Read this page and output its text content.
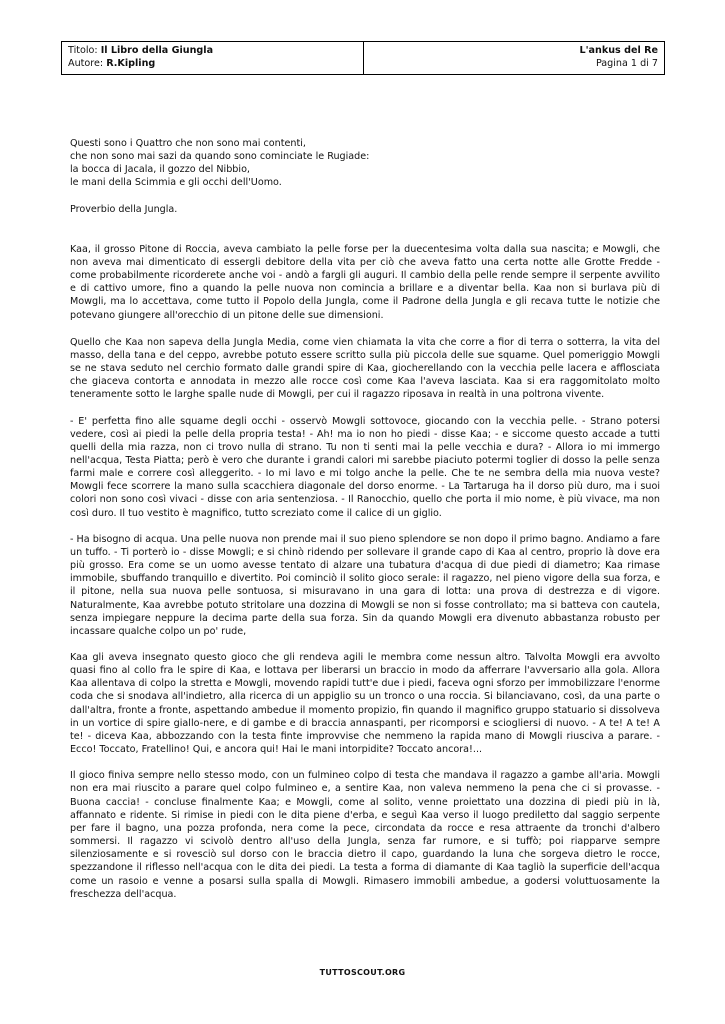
Titolo: Il Libro della Giungla
Autore: R.Kipling
L'ankus del Re
Pagina 1 di 7
Questi sono i Quattro che non sono mai contenti,
che non sono mai sazi da quando sono cominciate le Rugiade:
la bocca di Jacala, il gozzo del Nibbio,
le mani della Scimmia e gli occhi dell'Uomo.
Proverbio della Jungla.

Kaa, il grosso Pitone di Roccia, aveva cambiato la pelle forse per la duecentesima volta dalla sua nascita; e Mowgli, che non aveva mai dimenticato di essergli debitore della vita per ciò che aveva fatto una certa notte alle Grotte Fredde - come probabilmente ricorderete anche voi - andò a fargli gli auguri. Il cambio della pelle rende sempre il serpente avvilito e di cattivo umore, fino a quando la pelle nuova non comincia a brillare e a diventar bella. Kaa non si burlava più di Mowgli, ma lo accettava, come tutto il Popolo della Jungla, come il Padrone della Jungla e gli recava tutte le notizie che potevano giungere all'orecchio di un pitone delle sue dimensioni.

Quello che Kaa non sapeva della Jungla Media, come vien chiamata la vita che corre a fior di terra o sotterra, la vita del masso, della tana e del ceppo, avrebbe potuto essere scritto sulla più piccola delle sue squame. Quel pomeriggio Mowgli se ne stava seduto nel cerchio formato dalle grandi spire di Kaa, giocherellando con la vecchia pelle lacera e afflosciata che giaceva contorta e annodata in mezzo alle rocce così come Kaa l'aveva lasciata. Kaa si era raggomitolato molto teneramente sotto le larghe spalle nude di Mowgli, per cui il ragazzo riposava in realtà in una poltrona vivente.

- E' perfetta fino alle squame degli occhi - osservò Mowgli sottovoce, giocando con la vecchia pelle. - Strano potersi vedere, così ai piedi la pelle della propria testa! - Ah! ma io non ho piedi - disse Kaa; - e siccome questo accade a tutti quelli della mia razza, non ci trovo nulla di strano. Tu non ti senti mai la pelle vecchia e dura? - Allora io mi immergo nell'acqua, Testa Piatta; però è vero che durante i grandi calori mi sarebbe piaciuto potermi toglier di dosso la pelle senza farmi male e correre così alleggerito. - Io mi lavo e mi tolgo anche la pelle. Che te ne sembra della mia nuova veste? Mowgli fece scorrere la mano sulla scacchiera diagonale del dorso enorme. - La Tartaruga ha il dorso più duro, ma i suoi colori non sono così vivaci - disse con aria sentenziosa. - Il Ranocchio, quello che porta il mio nome, è più vivace, ma non così duro. Il tuo vestito è magnifico, tutto screziato come il calice di un giglio.

- Ha bisogno di acqua. Una pelle nuova non prende mai il suo pieno splendore se non dopo il primo bagno. Andiamo a fare un tuffo. - Ti porterò io - disse Mowgli; e si chinò ridendo per sollevare il grande capo di Kaa al centro, proprio là dove era più grosso. Era come se un uomo avesse tentato di alzare una tubatura d'acqua di due piedi di diametro; Kaa rimase immobile, sbuffando tranquillo e divertito. Poi cominciò il solito gioco serale: il ragazzo, nel pieno vigore della sua forza, e il pitone, nella sua nuova pelle sontuosa, si misuravano in una gara di lotta: una prova di destrezza e di vigore. Naturalmente, Kaa avrebbe potuto stritolare una dozzina di Mowgli se non si fosse controllato; ma si batteva con cautela, senza impiegare neppure la decima parte della sua forza. Sin da quando Mowgli era divenuto abbastanza robusto per incassare qualche colpo un po' rude,

Kaa gli aveva insegnato questo gioco che gli rendeva agili le membra come nessun altro. Talvolta Mowgli era avvolto quasi fino al collo fra le spire di Kaa, e lottava per liberarsi un braccio in modo da afferrare l'avversario alla gola. Allora Kaa allentava di colpo la stretta e Mowgli, movendo rapidi tutt'e due i piedi, faceva ogni sforzo per immobilizzare l'enorme coda che si snodava all'indietro, alla ricerca di un appiglio su un tronco o una roccia. Si bilanciavano, così, da una parte o dall'altra, fronte a fronte, aspettando ambedue il momento propizio, fin quando il magnifico gruppo statuario si dissolveva in un vortice di spire giallo-nere, e di gambe e di braccia annaspanti, per ricomporsi e sciogliersi di nuovo. - A te! A te! A te! - diceva Kaa, abbozzando con la testa finte improvvise che nemmeno la rapida mano di Mowgli riusciva a parare. - Ecco! Toccato, Fratellino! Qui, e ancora qui! Hai le mani intorpidite? Toccato ancora!...

Il gioco finiva sempre nello stesso modo, con un fulmineo colpo di testa che mandava il ragazzo a gambe all'aria. Mowgli non era mai riuscito a parare quel colpo fulmineo e, a sentire Kaa, non valeva nemmeno la pena che ci si provasse. - Buona caccia! - concluse finalmente Kaa; e Mowgli, come al solito, venne proiettato una dozzina di piedi più in là, affannato e ridente. Si rimise in piedi con le dita piene d'erba, e seguì Kaa verso il luogo prediletto dal saggio serpente per fare il bagno, una pozza profonda, nera come la pece, circondata da rocce e resa attraente da tronchi d'albero sommersi. Il ragazzo vi scivolò dentro all'uso della Jungla, senza far rumore, e si tuffò; poi riapparve sempre silenziosamente e si rovesciò sul dorso con le braccia dietro il capo, guardando la luna che sorgeva dietro le rocce, spezzandone il riflesso nell'acqua con le dita dei piedi. La testa a forma di diamante di Kaa tagliò la superficie dell'acqua come un rasoio e venne a posarsi sulla spalla di Mowgli. Rimasero immobili ambedue, a godersi voluttuosamente la freschezza dell'acqua.

TUTTOSCOUT.ORG
